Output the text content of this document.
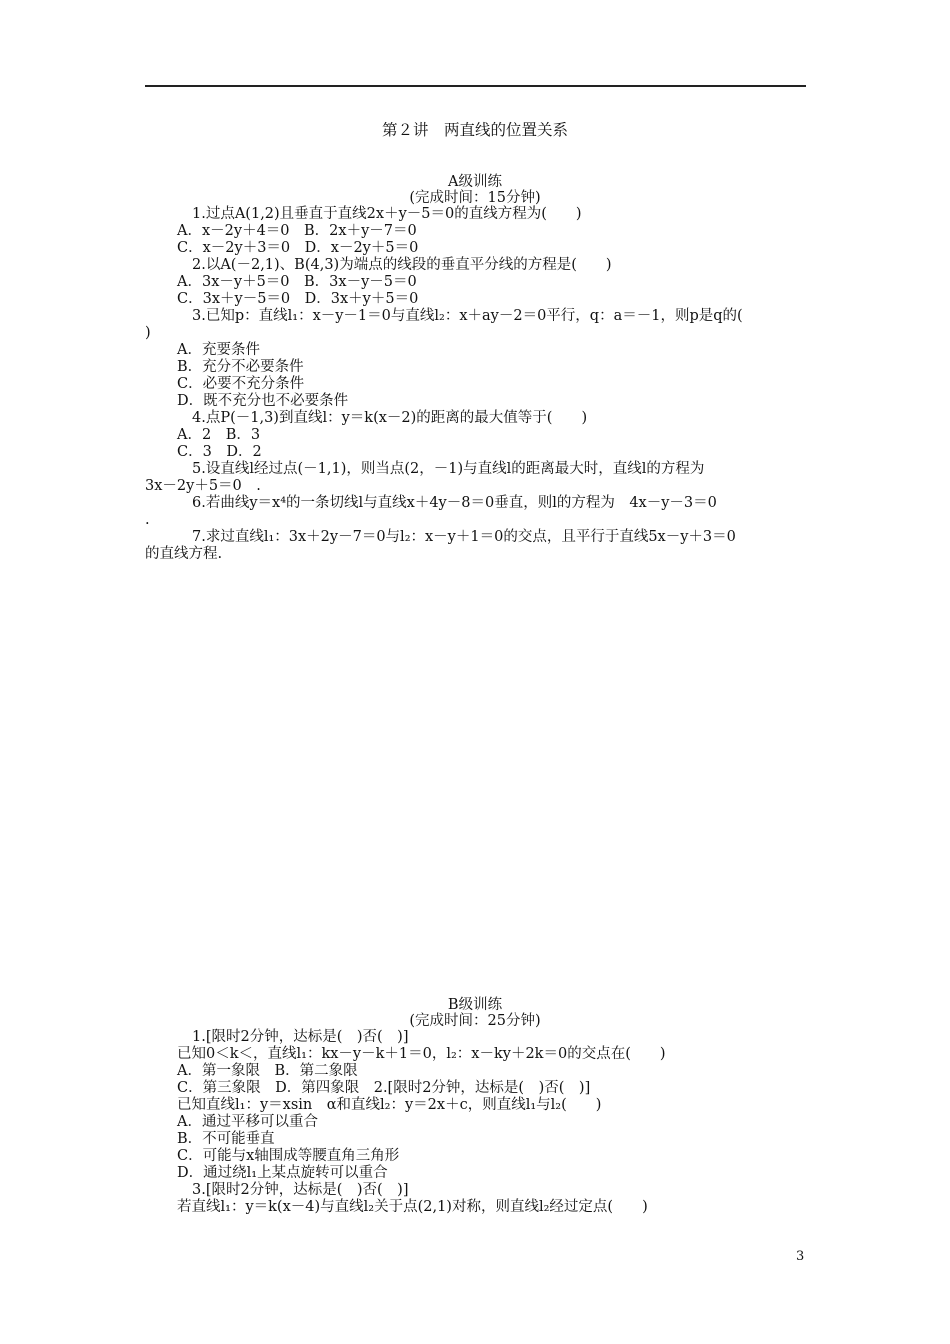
第２讲　两直线的位置关系
A级训练
(完成时间：15分钟)
1.过点A(1,2)且垂直于直线2x＋y－5＝0的直线方程为(　　)
A．x－2y＋4＝0　B．2x＋y－7＝0
C．x－2y＋3＝0　D．x－2y＋5＝0
2.以A(－2,1)、B(4,3)为端点的线段的垂直平分线的方程是(　　)
A．3x－y＋5＝0　B．3x－y－5＝0
C．3x＋y－5＝0　D．3x＋y＋5＝0
3.已知p：直线l₁：x－y－1＝0与直线l₂：x＋ay－2＝0平行，q：a＝－1，则p是q的(
)
A．充要条件
B．充分不必要条件
C．必要不充分条件
D．既不充分也不必要条件
4.点P(－1,3)到直线l：y＝k(x－2)的距离的最大值等于(　　)
A．2　B．3
C．3　D．2
5.设直线l经过点(－1,1)，则当点(2，－1)与直线l的距离最大时，直线l的方程为
3x－2y＋5＝0　.
6.若曲线y＝x⁴的一条切线l与直线x＋4y－8＝0垂直，则l的方程为　4x－y－3＝0
.
7.求过直线l₁：3x＋2y－7＝0与l₂：x－y＋1＝0的交点，且平行于直线5x－y＋3＝0
的直线方程.
B级训练
(完成时间：25分钟)
1.[限时2分钟，达标是(　)否(　)]
已知0＜k＜，直线l₁：kx－y－k＋1＝0，l₂：x－ky＋2k＝0的交点在(　　)
A．第一象限　B．第二象限
C．第三象限　D．第四象限　2.[限时2分钟，达标是(　)否(　)]
已知直线l₁：y＝xsin　α和直线l₂：y＝2x＋c，则直线l₁与l₂(　　)
A．通过平移可以重合
B．不可能垂直
C．可能与x轴围成等腰直角三角形
D．通过绕l₁上某点旋转可以重合
3.[限时2分钟，达标是(　)否(　)]
若直线l₁：y＝k(x－4)与直线l₂关于点(2,1)对称，则直线l₂经过定点(　　)
3
